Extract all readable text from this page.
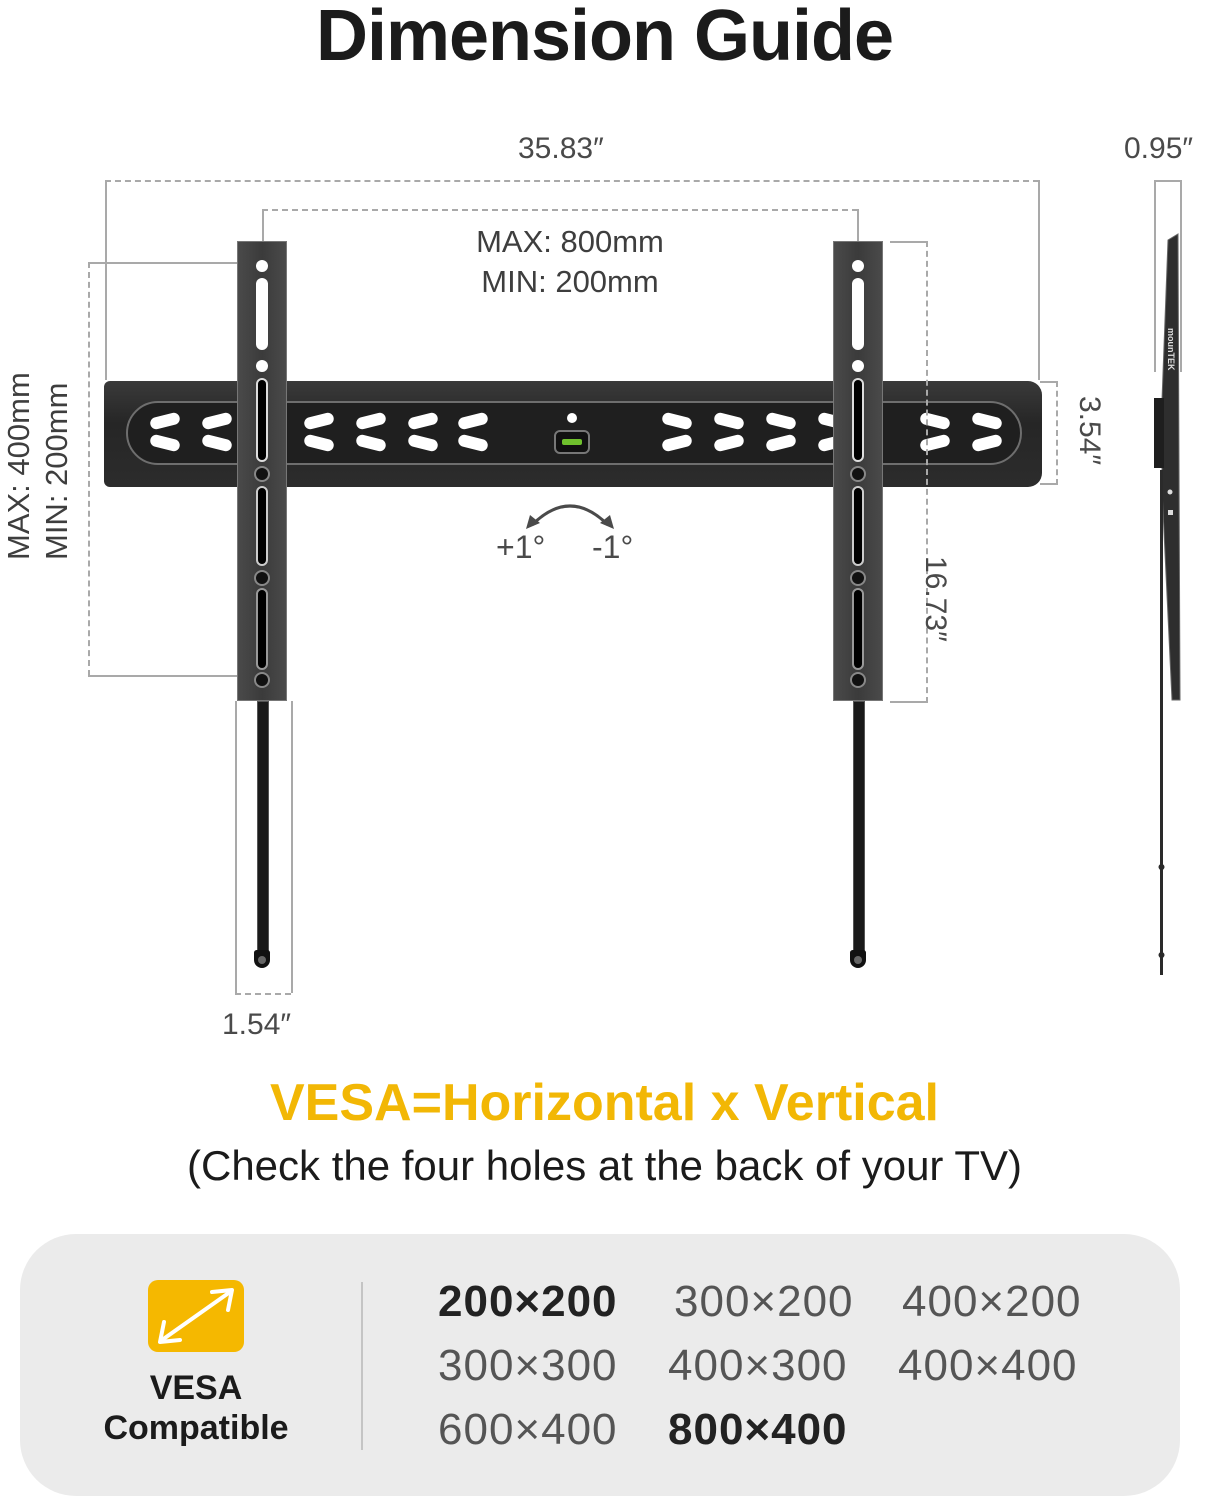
Dimension Guide
35.83″
MAX: 800mm
MIN: 200mm
0.95″
MAX: 400mm MIN: 200mm	3.54″
16.73″
1.54″
+1° -1°
mounTEK
VESA=Horizontal x Vertical
(Check the four holes at the back of your TV)
VESA
Compatible
200×200 300×200 400×200
300×300 400×300 400×400
600×400 800×400
